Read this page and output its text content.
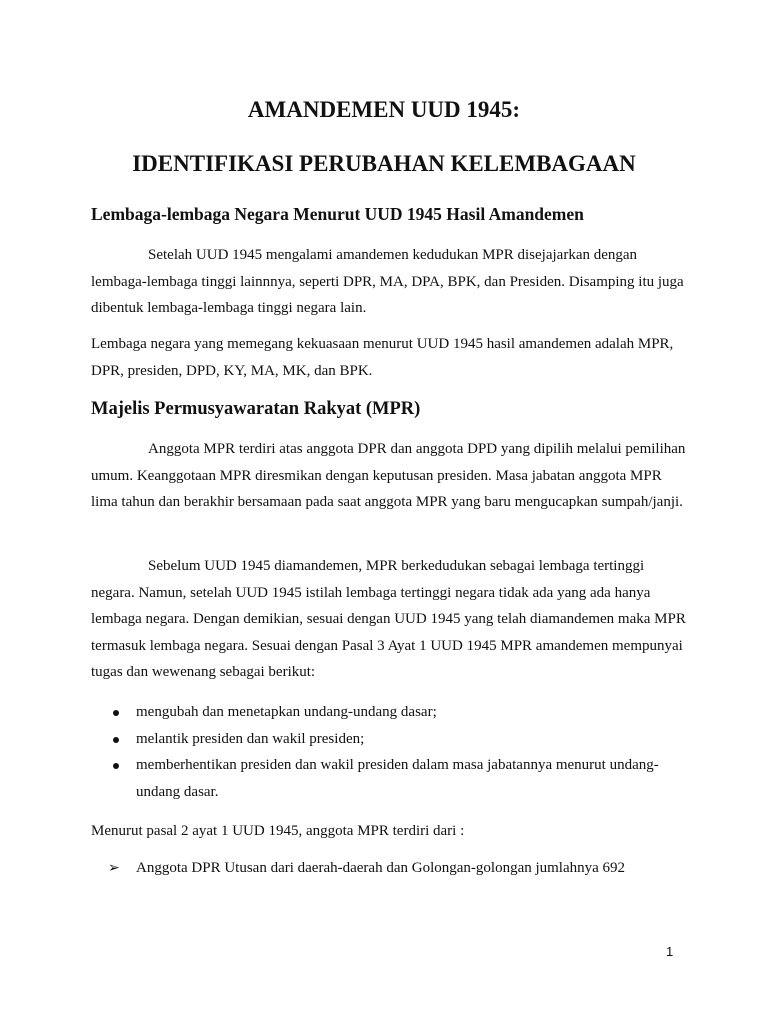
AMANDEMEN UUD 1945:
IDENTIFIKASI PERUBAHAN KELEMBAGAAN
Lembaga-lembaga Negara Menurut UUD 1945 Hasil Amandemen

Setelah UUD 1945 mengalami amandemen kedudukan MPR disejajarkan dengan lembaga-lembaga tinggi lainnnya, seperti DPR, MA, DPA, BPK, dan Presiden. Disamping itu juga dibentuk lembaga-lembaga tinggi negara lain.

Lembaga negara yang memegang kekuasaan menurut UUD 1945 hasil amandemen adalah MPR, DPR, presiden, DPD, KY, MA, MK, dan BPK.

Majelis Permusyawaratan Rakyat (MPR)

Anggota MPR terdiri atas anggota DPR dan anggota DPD yang dipilih melalui pemilihan umum. Keanggotaan MPR diresmikan dengan keputusan presiden. Masa jabatan anggota MPR lima tahun dan berakhir bersamaan pada saat anggota MPR yang baru mengucapkan sumpah/janji.

Sebelum UUD 1945 diamandemen, MPR berkedudukan sebagai lembaga tertinggi negara. Namun, setelah UUD 1945 istilah lembaga tertinggi negara tidak ada yang ada hanya lembaga negara. Dengan demikian, sesuai dengan UUD 1945 yang telah diamandemen maka MPR termasuk lembaga negara. Sesuai dengan Pasal 3 Ayat 1 UUD 1945 MPR amandemen mempunyai tugas dan wewenang sebagai berikut:

mengubah dan menetapkan undang-undang dasar;
melantik presiden dan wakil presiden;
memberhentikan presiden dan wakil presiden dalam masa jabatannya menurut undang-undang dasar.

Menurut pasal 2 ayat 1 UUD 1945, anggota MPR terdiri dari :

➢ Anggota DPR Utusan dari daerah-daerah dan Golongan-golongan jumlahnya 692
1
